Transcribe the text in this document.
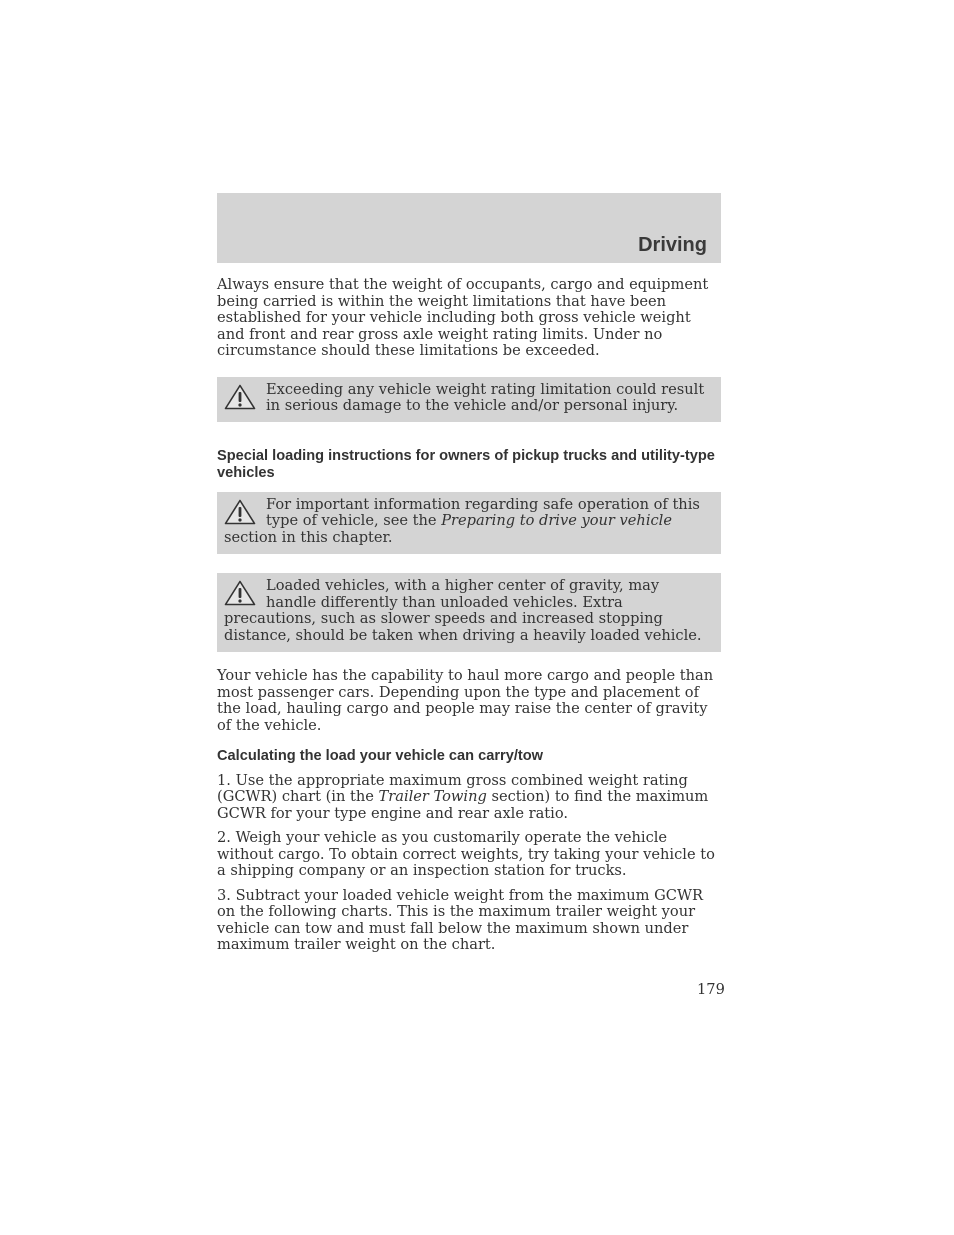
Driving

Always ensure that the weight of occupants, cargo and equipment being carried is within the weight limitations that have been established for your vehicle including both gross vehicle weight and front and rear gross axle weight rating limits. Under no circumstance should these limitations be exceeded.

Exceeding any vehicle weight rating limitation could result in serious damage to the vehicle and/or personal injury.
Special loading instructions for owners of pickup trucks and utility-type vehicles
For important information regarding safe operation of this type of vehicle, see the Preparing to drive your vehicle section in this chapter.
Loaded vehicles, with a higher center of gravity, may handle differently than unloaded vehicles. Extra precautions, such as slower speeds and increased stopping distance, should be taken when driving a heavily loaded vehicle.

Your vehicle has the capability to haul more cargo and people than most passenger cars. Depending upon the type and placement of the load, hauling cargo and people may raise the center of gravity of the vehicle.

Calculating the load your vehicle can carry/tow

1. Use the appropriate maximum gross combined weight rating (GCWR) chart (in the Trailer Towing section) to find the maximum GCWR for your type engine and rear axle ratio.

2. Weigh your vehicle as you customarily operate the vehicle without cargo. To obtain correct weights, try taking your vehicle to a shipping company or an inspection station for trucks.

3. Subtract your loaded vehicle weight from the maximum GCWR on the following charts. This is the maximum trailer weight your vehicle can tow and must fall below the maximum shown under maximum trailer weight on the chart.

179
